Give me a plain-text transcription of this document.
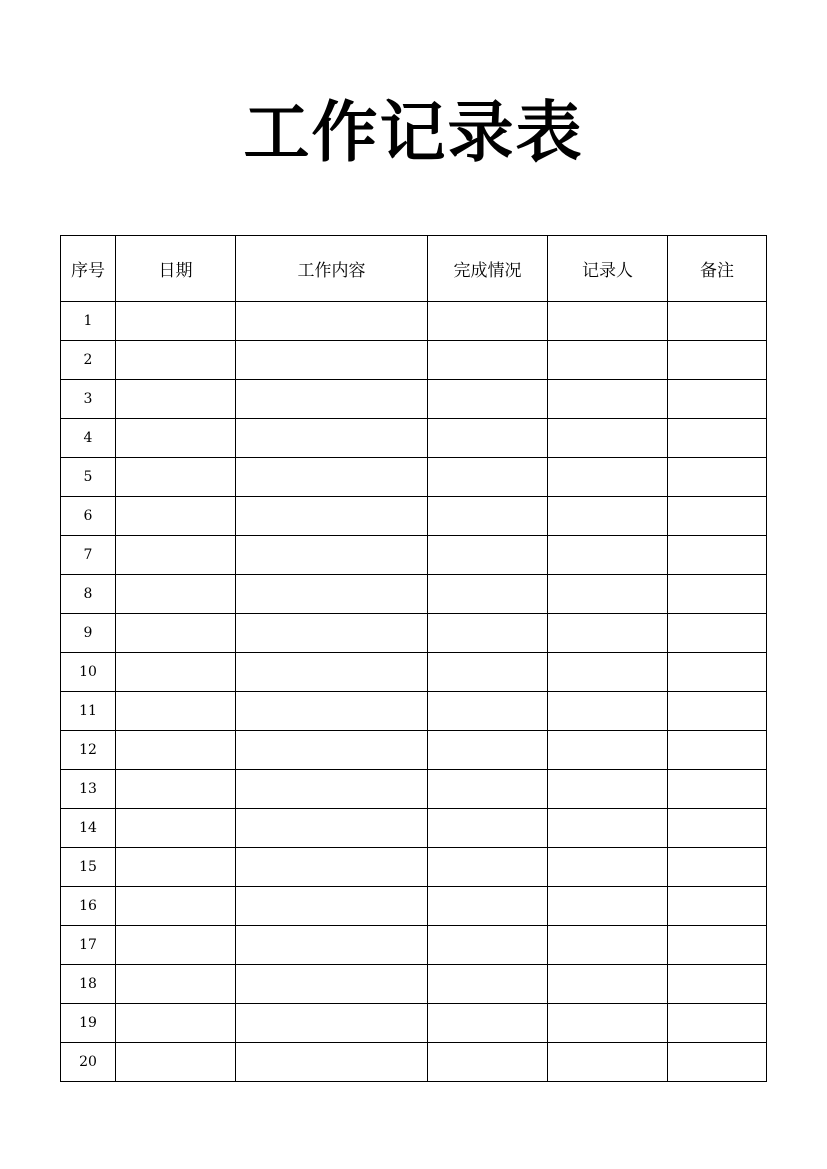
工作记录表
序号	日期	工作内容	完成情况	记录人	备注
1					
2					
3					
4					
5					
6					
7					
8					
9					
10					
11					
12					
13					
14					
15					
16					
17					
18					
19					
20					
